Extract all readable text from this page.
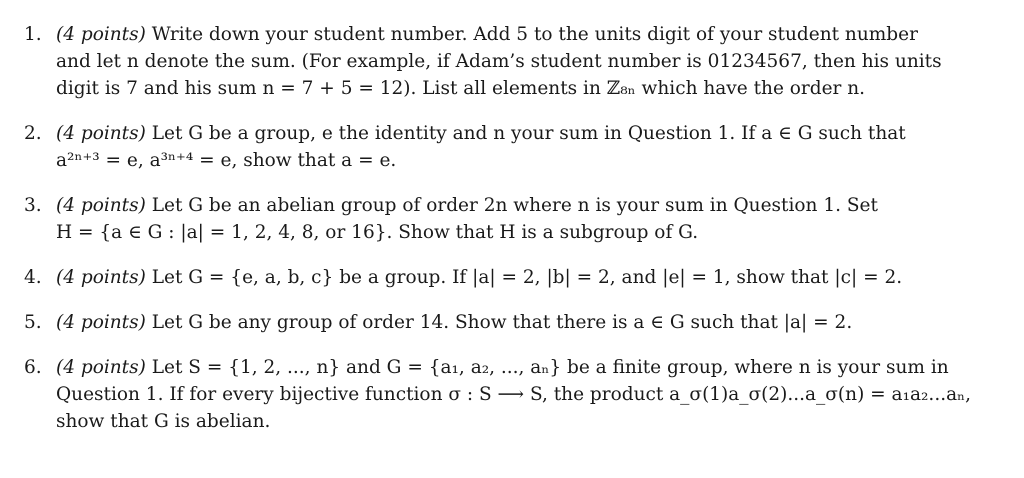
1. (4 points) Write down your student number. Add 5 to the units digit of your student number
and let n denote the sum. (For example, if Adam’s student number is 01234567, then his units
digit is 7 and his sum n = 7 + 5 = 12). List all elements in ℤ₈ₙ which have the order n.
2. (4 points) Let G be a group, e the identity and n your sum in Question 1. If a ∈ G such that
a²ⁿ⁺³ = e, a³ⁿ⁺⁴ = e, show that a = e.
3. (4 points) Let G be an abelian group of order 2n where n is your sum in Question 1. Set
H = {a ∈ G : |a| = 1, 2, 4, 8, or 16}. Show that H is a subgroup of G.
4. (4 points) Let G = {e, a, b, c} be a group. If |a| = 2, |b| = 2, and |e| = 1, show that |c| = 2.
5. (4 points) Let G be any group of order 14. Show that there is a ∈ G such that |a| = 2.
6. (4 points) Let S = {1, 2, ..., n} and G = {a₁, a₂, ..., aₙ} be a finite group, where n is your sum in
Question 1. If for every bijective function σ : S ⟶ S, the product a_σ(1)a_σ(2)...a_σ(n) = a₁a₂...aₙ,
show that G is abelian.
